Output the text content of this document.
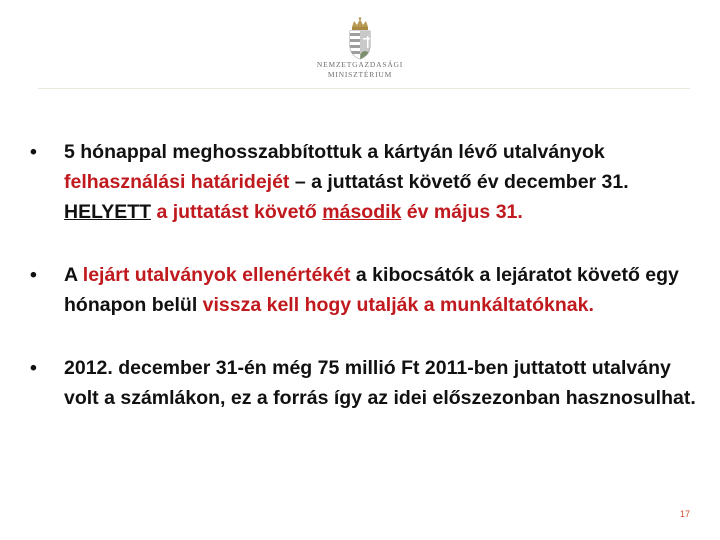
NEMZETGAZDASÁGI
MINISZTÉRIUM
•	5 hónappal meghosszabbítottuk a kártyán lévő utalványok felhasználási határidejét – a juttatást követő év december 31. HELYETT a juttatást követő második év május 31.
•	A lejárt utalványok ellenértékét a kibocsátók a lejáratot követő egy hónapon belül vissza kell hogy utalják a munkáltatóknak.
•	2012. december 31-én még 75 millió Ft 2011-ben juttatott utalvány volt a számlákon, ez a forrás így az idei előszezonban hasznosulhat.
17
